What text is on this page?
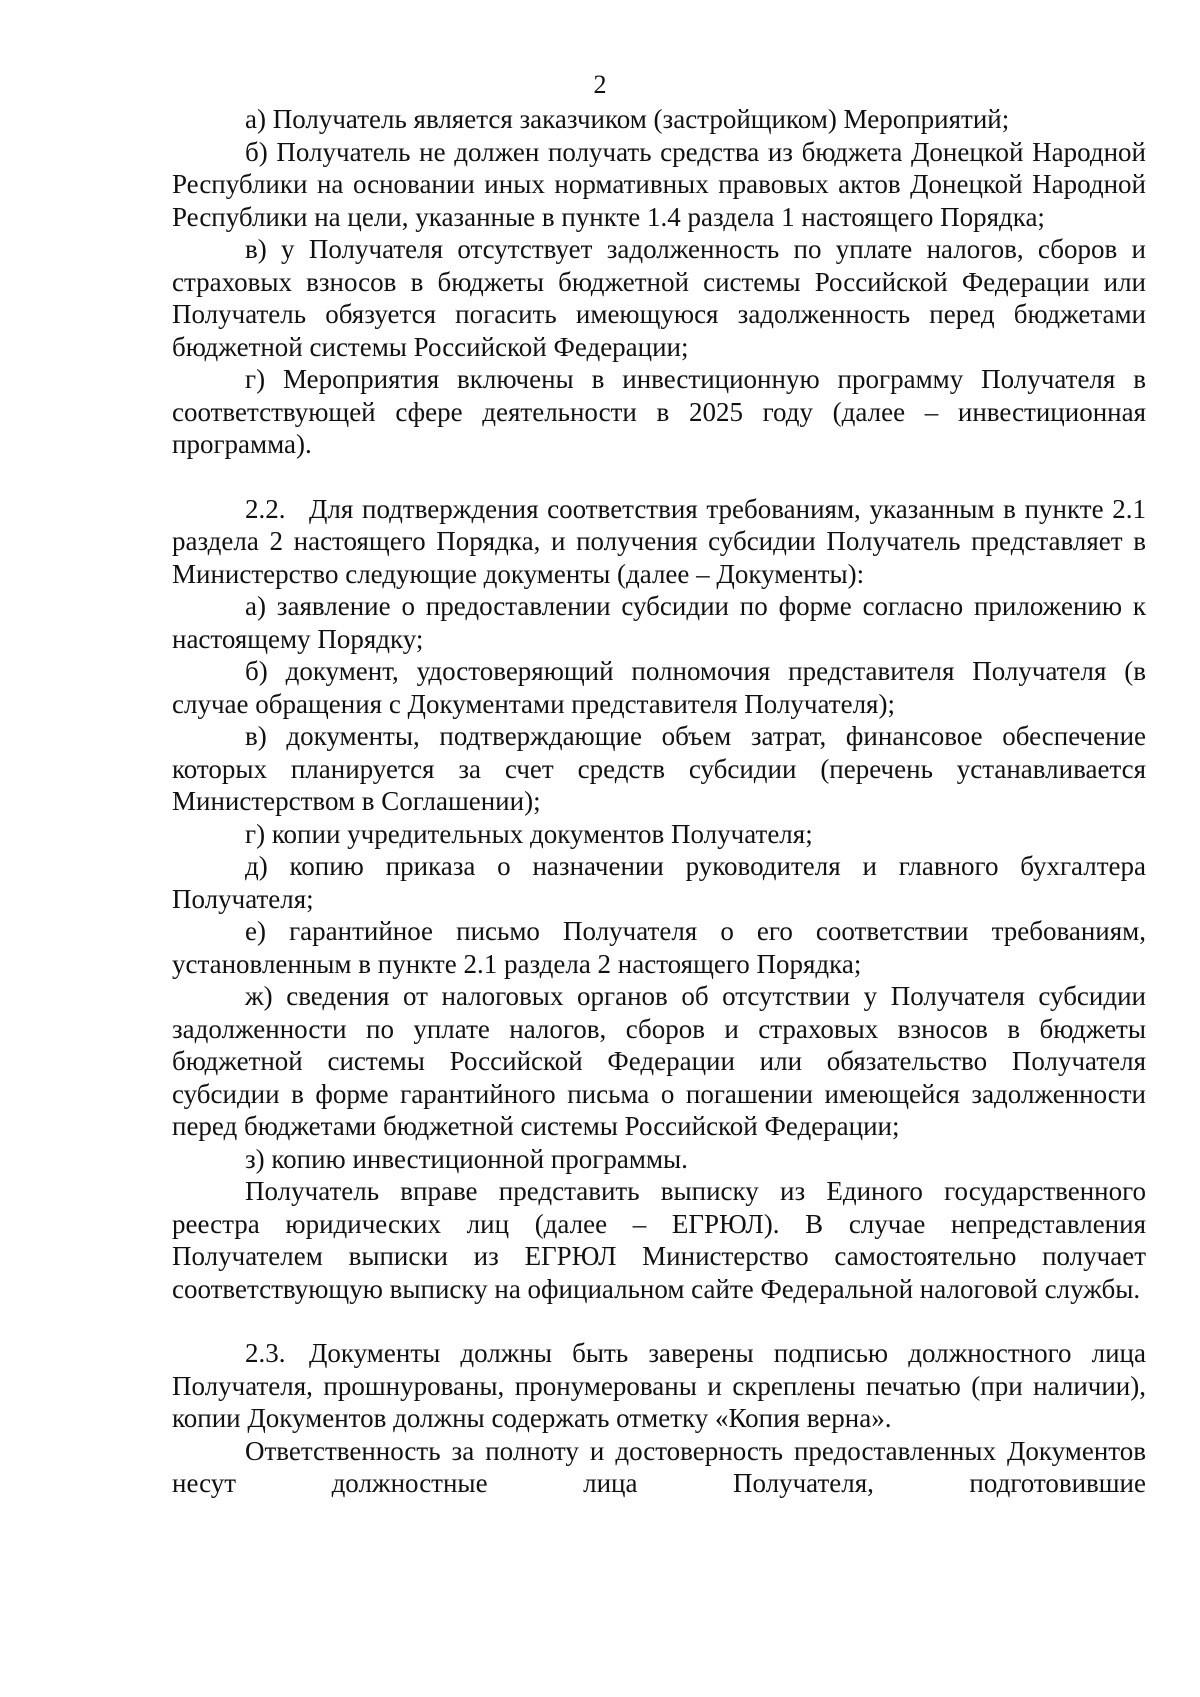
2

а) Получатель является заказчиком (застройщиком) Мероприятий;

б) Получатель не должен получать средства из бюджета Донецкой Народной Республики на основании иных нормативных правовых актов Донецкой Народной Республики на цели, указанные в пункте 1.4 раздела 1 настоящего Порядка;

в) у Получателя отсутствует задолженность по уплате налогов, сборов и страховых взносов в бюджеты бюджетной системы Российской Федерации или Получатель обязуется погасить имеющуюся задолженность перед бюджетами бюджетной системы Российской Федерации;

г) Мероприятия включены в инвестиционную программу Получателя в соответствующей сфере деятельности в 2025 году (далее – инвестиционная программа).

2.2. Для подтверждения соответствия требованиям, указанным в пункте 2.1 раздела 2 настоящего Порядка, и получения субсидии Получатель представляет в Министерство следующие документы (далее – Документы):

а) заявление о предоставлении субсидии по форме согласно приложению к настоящему Порядку;

б) документ, удостоверяющий полномочия представителя Получателя (в случае обращения с Документами представителя Получателя);

в) документы, подтверждающие объем затрат, финансовое обеспечение которых планируется за счет средств субсидии (перечень устанавливается Министерством в Соглашении);

г) копии учредительных документов Получателя;

д) копию приказа о назначении руководителя и главного бухгалтера Получателя;

е) гарантийное письмо Получателя о его соответствии требованиям, установленным в пункте 2.1 раздела 2 настоящего Порядка;

ж) сведения от налоговых органов об отсутствии у Получателя субсидии задолженности по уплате налогов, сборов и страховых взносов в бюджеты бюджетной системы Российской Федерации или обязательство Получателя субсидии в форме гарантийного письма о погашении имеющейся задолженности перед бюджетами бюджетной системы Российской Федерации;

з) копию инвестиционной программы.

Получатель вправе представить выписку из Единого государственного реестра юридических лиц (далее – ЕГРЮЛ). В случае непредставления Получателем выписки из ЕГРЮЛ Министерство самостоятельно получает соответствующую выписку на официальном сайте Федеральной налоговой службы.

2.3. Документы должны быть заверены подписью должностного лица Получателя, прошнурованы, пронумерованы и скреплены печатью (при наличии), копии Документов должны содержать отметку «Копия верна».

Ответственность за полноту и достоверность предоставленных Документов несут должностные лица Получателя, подготовившие
